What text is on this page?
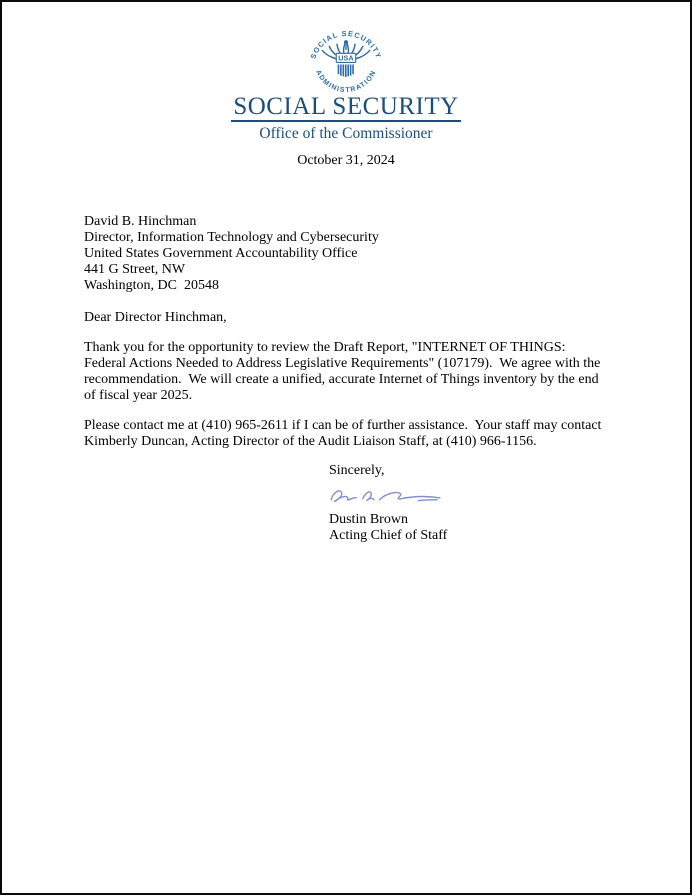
SOCIAL SECURITY
ADMINISTRATION
USA
SOCIAL SECURITY
Office of the Commissioner
October 31, 2024
David B. Hinchman
Director, Information Technology and Cybersecurity
United States Government Accountability Office
441 G Street, NW
Washington, DC  20548
Dear Director Hinchman,

Thank you for the opportunity to review the Draft Report, "INTERNET OF THINGS:  Federal Actions Needed to Address Legislative Requirements" (107179).  We agree with the recommendation.  We will create a unified, accurate Internet of Things inventory by the end of fiscal year 2025.

Please contact me at (410) 965-2611 if I can be of further assistance.  Your staff may contact Kimberly Duncan, Acting Director of the Audit Liaison Staff, at (410) 966-1156.

Sincerely,
Dustin Brown
Acting Chief of Staff
